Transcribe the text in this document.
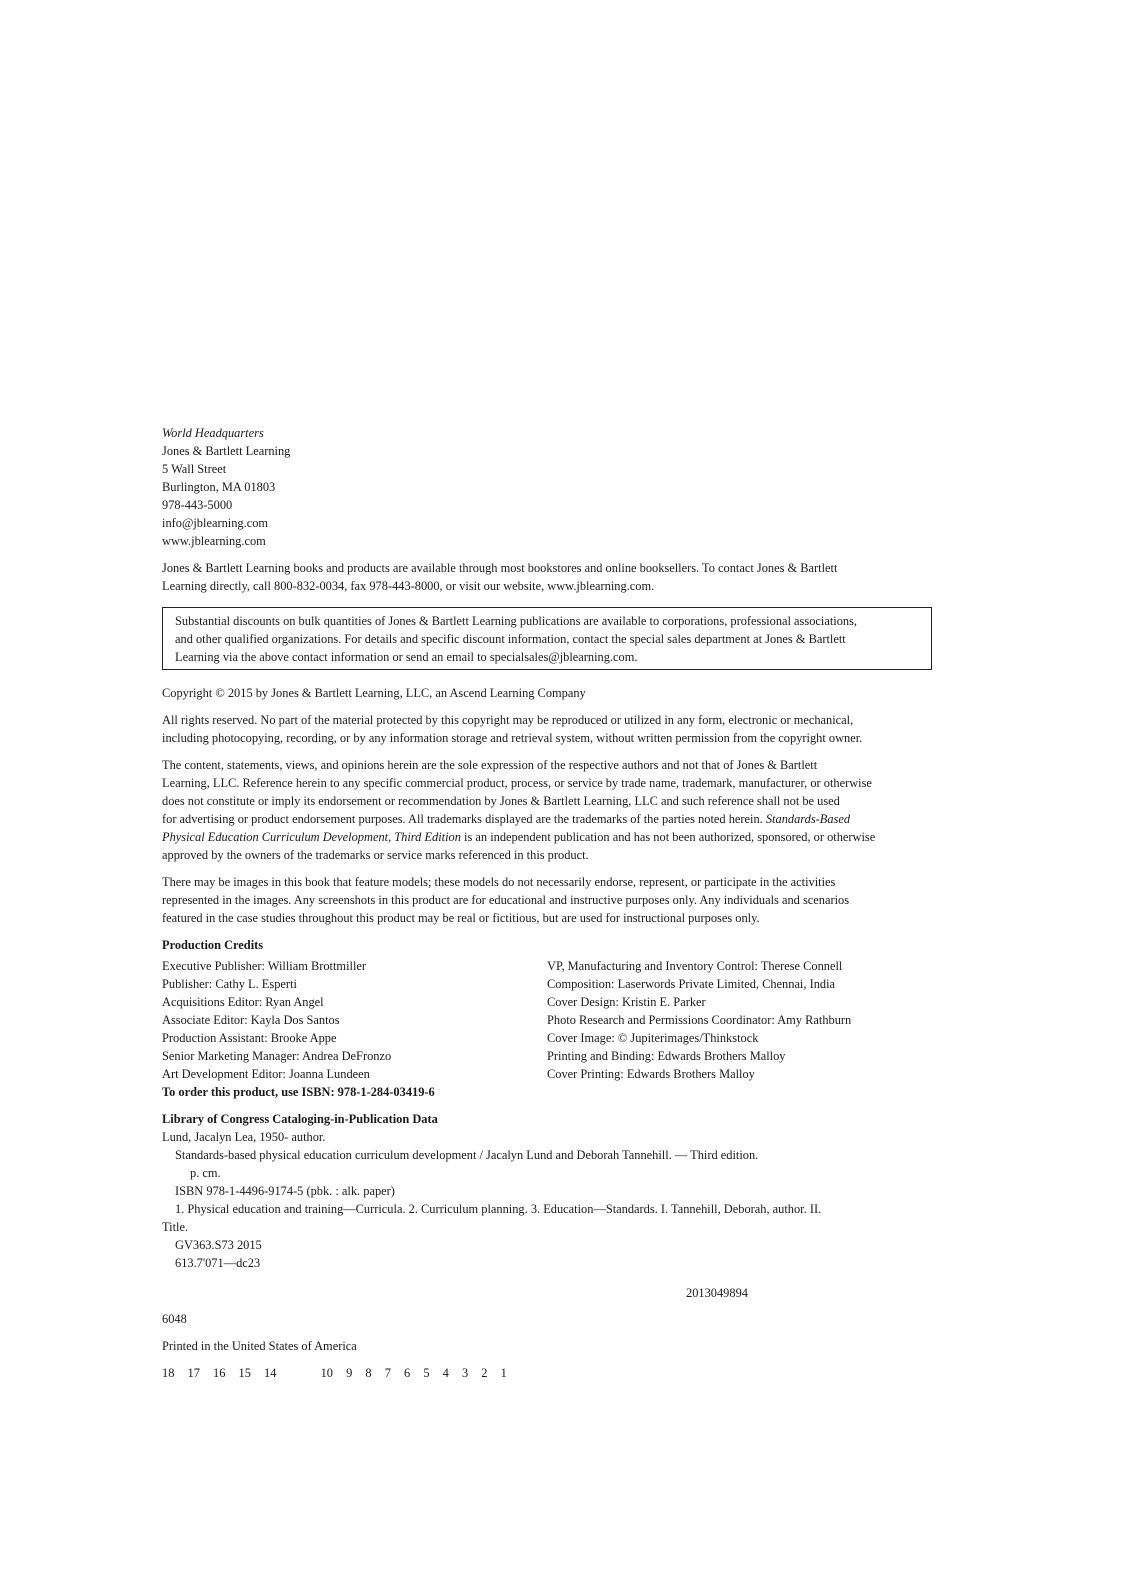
World Headquarters
Jones & Bartlett Learning
5 Wall Street
Burlington, MA 01803
978-443-5000
info@jblearning.com
www.jblearning.com
Jones & Bartlett Learning books and products are available through most bookstores and online booksellers. To contact Jones & Bartlett
Learning directly, call 800-832-0034, fax 978-443-8000, or visit our website, www.jblearning.com.
Substantial discounts on bulk quantities of Jones & Bartlett Learning publications are available to corporations, professional associations,
and other qualified organizations. For details and specific discount information, contact the special sales department at Jones & Bartlett
Learning via the above contact information or send an email to specialsales@jblearning.com.
Copyright © 2015 by Jones & Bartlett Learning, LLC, an Ascend Learning Company
All rights reserved. No part of the material protected by this copyright may be reproduced or utilized in any form, electronic or mechanical,
including photocopying, recording, or by any information storage and retrieval system, without written permission from the copyright owner.
The content, statements, views, and opinions herein are the sole expression of the respective authors and not that of Jones & Bartlett
Learning, LLC. Reference herein to any specific commercial product, process, or service by trade name, trademark, manufacturer, or otherwise
does not constitute or imply its endorsement or recommendation by Jones & Bartlett Learning, LLC and such reference shall not be used
for advertising or product endorsement purposes. All trademarks displayed are the trademarks of the parties noted herein. Standards-Based
Physical Education Curriculum Development, Third Edition is an independent publication and has not been authorized, sponsored, or otherwise
approved by the owners of the trademarks or service marks referenced in this product.
There may be images in this book that feature models; these models do not necessarily endorse, represent, or participate in the activities
represented in the images. Any screenshots in this product are for educational and instructive purposes only. Any individuals and scenarios
featured in the case studies throughout this product may be real or fictitious, but are used for instructional purposes only.
Production Credits
Executive Publisher: William Brottmiller
Publisher: Cathy L. Esperti
Acquisitions Editor: Ryan Angel
Associate Editor: Kayla Dos Santos
Production Assistant: Brooke Appe
Senior Marketing Manager: Andrea DeFronzo
Art Development Editor: Joanna Lundeen
VP, Manufacturing and Inventory Control: Therese Connell
Composition: Laserwords Private Limited, Chennai, India
Cover Design: Kristin E. Parker
Photo Research and Permissions Coordinator: Amy Rathburn
Cover Image: © Jupiterimages/Thinkstock
Printing and Binding: Edwards Brothers Malloy
Cover Printing: Edwards Brothers Malloy
To order this product, use ISBN: 978-1-284-03419-6
Library of Congress Cataloging-in-Publication Data
Lund, Jacalyn Lea, 1950- author.
Standards-based physical education curriculum development / Jacalyn Lund and Deborah Tannehill. — Third edition.
p. cm.
ISBN 978-1-4496-9174-5 (pbk. : alk. paper)
1. Physical education and training—Curricula. 2. Curriculum planning. 3. Education—Standards. I. Tannehill, Deborah, author. II.
Title.
GV363.S73 2015
613.7'071—dc23
2013049894
6048
Printed in the United States of America
18 17 16 15 14	10 9 8 7 6 5 4 3 2 1
